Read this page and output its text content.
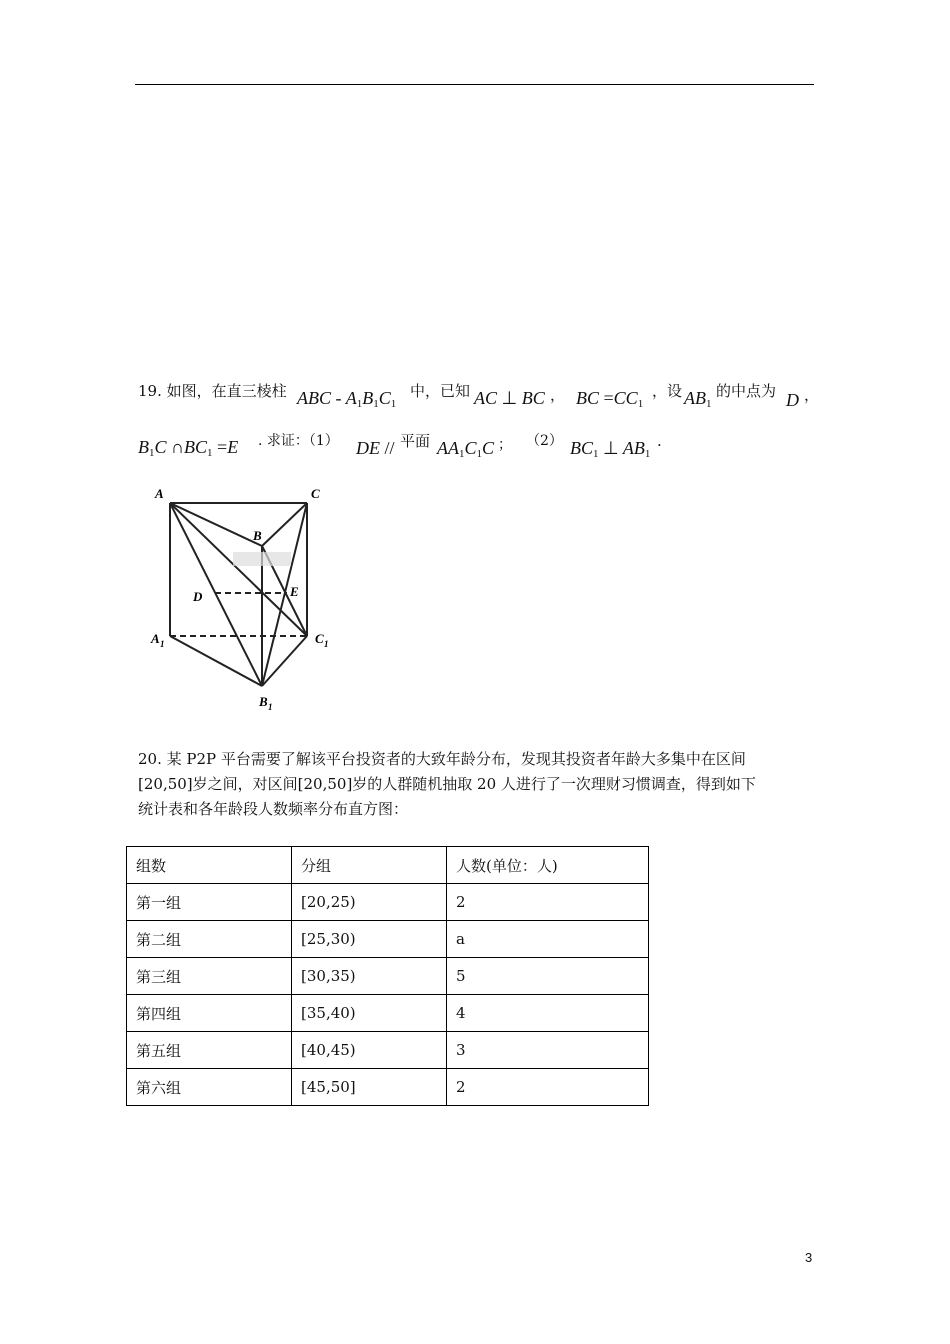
19. 如图，在直三棱柱 ABC - $A_1B_1C_1$
中，已知 AC ⊥ BC ， BC $=CC_1$
，设 $AB_1$
的中点为 D ，
$B_1C$ $\cap BC_1 =E$ . 求证：（1） DE // 平面 $AA_1C_1C$ ； （2） $BC_1$ ⊥ $AB_1$
.
A	C
B
D	E
A 1	C 1
B 1
20. 某 P2P 平台需要了解该平台投资者的大致年龄分布，发现其投资者年龄大多集中在区间
[20,50]岁之间，对区间[20,50]岁的人群随机抽取 20 人进行了一次理财习惯调查，得到如下
统计表和各年龄段人数频率分布直方图：
组数	分组	人数(单位：人)
第一组	[20,25)	2
第二组	[25,30)	a
第三组	[30,35)	5
第四组	[35,40)	4
第五组	[40,45)	3
第六组	[45,50]	2
3
